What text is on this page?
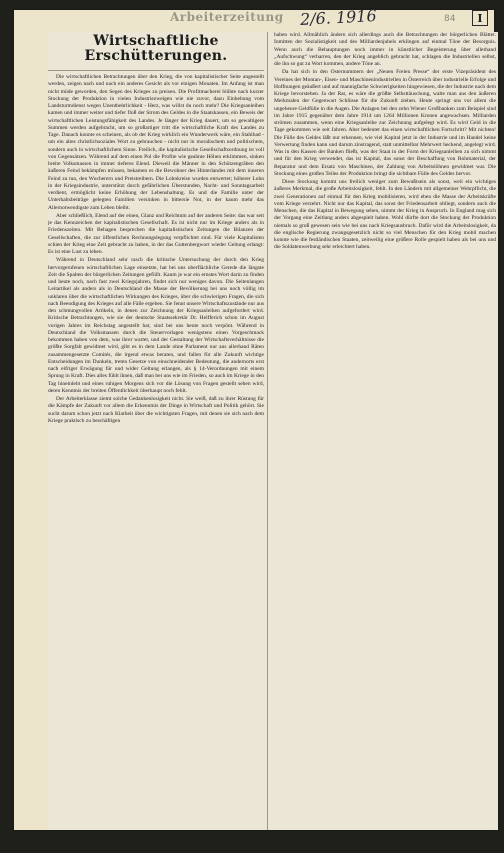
Arbeiterzeitung 2/6. 1916	84	I
Wirtschaftliche Erschütterungen.

Die wirtschaftlichen Betrachtungen über den Krieg, die von kapitalistischer Seite angestellt werden, zeigen nach und nach ein anderes Gesicht als vor einigen Monaten. Im Anfang ist man nicht müde geworden, den Segen des Krieges zu preisen. Die Profitmacherei blühte nach kurzer Stockung der Produktion in vielen Industriezweigen wie nie zuvor, dazu Einhebung vom Landsturmdienst wegen Unentbehrlichkeit - Herz, was willst du noch mehr? Die Kriegsanleihen kamen und immer weiter und tiefer floß der Strom des Geldes in die Staatskassen, ein Beweis der wirtschaftlichen Leistungsfähigkeit des Landes. Je länger der Krieg dauert, um so gewaltigere Summen werden aufgebracht, um so großartiger tritt die wirtschaftliche Kraft des Landes zu Tage. Danach konnte es scheinen, als ob der Krieg wirklich ein Wunderwerk wäre, ein Stahlbad - um ein altes christlichsoziales Wort zu gebrauchen - nicht nur in moralischem und politischem, sondern auch in wirtschaftlichem Sinne. Freilich, die kapitalistische Gesellschaftsordnung ist voll von Gegensätzen. Während auf dem einen Pol die Profite wie geahnte Höhen erklimmen, sinken breite Volksmassen in immer tieferes Elend. Dieweil die Männer in den Schützengräben den äußeren Feind bekämpfen müssen, bekamen es die Bewohner des Hinterlandes mit dem inneren Feind zu tun, den Wucherern und Preistreibern. Die Lohnkreise wurden entwertet; höherer Lohn in der Kriegsindustrie, unterstützt durch gefährlichen Überstunden, Nacht- und Sonntagsarbeit verdient, ermöglicht keine Erhöhung der Lebenshaltung. Es und die Familie unter der Unterhaltsbeiträge gelegten Familien versinken in bittersie Not, in der kaum mehr das Allernotwendigste zum Leben bleibt.

Aber schließlich, Elend auf der einen, Glanz und Reichtum auf der anderen Seite: das war seit je das Kennzeichen der kapitalistischen Gesellschaft. Es ist nicht nur im Kriege anders als in Friedenszeiten. Mit Behagen besprechen die kapitalistischen Zeitungen die Bilanzen der Gesellschaften, die zur öffentlichen Rechnungslegung verpflichtet sind. Für viele Kapitalisten schien der Krieg eine Zeit gebracht zu haben, in der das Guttenbergwort wieder Geltung erlangt: Es ist eine Lust zu leben.

Während in Deutschland sehr rasch die kritische Untersuchung der durch den Krieg hervorgerufenen wirtschaftlichen Lage einsetzte, hat bei uns oberflächliche Gerede die längste Zeit die Spalten der bürgerlichen Zeitungen gefüllt. Kaum je war ein ernstes Wort darin zu finden und heute noch, nach fast zwei Kriegsjahren, findet sich nur weniges davon. Die Seitenlangen Leitartikel als anders als in Deutschland die Masse der Bevölkerung bei uns noch völlig im unklaren über die wirtschaftlichen Wirkungen des Krieges, über die schwierigen Fragen, die sich nach Beendigung des Krieges auf alle Fälle ergeben. Sie fennt unsere Wirtschaftszustände nur aus den schmungvollen Artikeln, in denen zur Zeichnung der Kriegsanleihen aufgefordert wird. Kritische Betrachtungen, wie sie der deutsche Staatssekretär Dr. Helfferich schon im August vorigen Jahres im Reichstag angestellt hat, sind bei uns heute noch verpönt. Während in Deutschland die Volksmassen durch die Steuervorlagen wenigstens einen Vorgeschmack bekommen haben von dem, was ihrer wartet, und der Gestaltung der Wirtschaftsverhältnisse die größte Sorgfalt gewidmet wird, gibt es in dem Lande ohne Parlament nur aus allerhand Räten zusammengesetzte Comités, die irgend etwas beraten, und fallen für alle Zukunft wichtige Entscheidungen im Dunkeln, treten Gesetze von einschneidender Bedeutung, die andernorts erst nach eifriger Erwägung für und wider Geltung erlangen, als § 14-Verordnungen mit einem Sprung in Kraft. Dies alles fühlt ihnen, daß man bei uns wie im Frieden, so auch im Kriege in den Tag hineinlebt und eines ruhigen Morgens sich vor die Lösung von Fragen gestellt sehen wird, deren Kenntnis der breiten Öffentlichkeit überhaupt noch fehlt.

Der Arbeiterklasse ziemt solche Gedankenlosigkeit nicht. Sie weiß, daß zu ihrer Rüstung für die Kämpfe der Zukunft vor allem die Erkenntnis der Dinge in Wirtschaft und Politik gehört. Sie sucht darum schon jetzt nach Klarheit über die wichtigsten Fragen, mit denen sie sich nach dem Kriege praktisch zu beschäftigen

haben wird. Allmählich ändern sich allerdings auch die Betrachtungen der bürgerlichen Blätter. Inmitten der Sozialistigkeit und des Milliardenjubels erklingen auf einmal Töne der Besorgnis. Wenn auch die Behauptungen noch immer in künstlicher Begeisterung über allerhand „Aufschwung“ verharren, den der Krieg angeblich gebracht hat, schlagen die Industriellen selbst, die ihn so gut zu Wort kommen, andere Töne an.

Da hat sich in den Osternummern der „Neuen Freien Presse“ der erste Vizepräsident des Vereines der Montan-, Eisen- und Maschinenindustriellen in Österreich über industrielle Erfolge und Hoffnungen geäußert und auf mannigfache Schwierigkeiten hingewiesen, die der Industrie nach dem Kriege bevorstehen. Ja der Rat, es wäre die größte Selbsttäuschung, walte man aus den äußeren Merkmalen der Gegenwart Schlüsse für die Zukunft ziehen. Heute springt uns vor allem die ungeheure Geldfülle in die Augen. Die Anlagen bei den zehn Wiener Großbanken zum Beispiel sind im Jahre 1915 gegenüber dem Jahre 1914 um 1264 Millionen Kronen angewachsen. Milliarden strömen zusammen, wenn eine Kriegsanleihe zur Zeichnung aufgelegt wird. Es wird Geld in die Tage gekommen wie seit Jahren. Aber bedeutet das einen wirtschaftlichen Fortschritt? Mit nichten! Die Fülle des Geldes läßt nur erkennen, wie viel Kapital jetzt in der Industrie und im Handel keine Verwertung finden kann und darum zinstragend, statt unmittelbar Mehrwert heckend, angelegt wird. Was in den Kassen der Banken fließt, was der Staat in der Form der Kriegsanleihen zu sich nimmt und für den Krieg verwendet, das ist Kapital, das sonst der Beschaffung von Rohmaterial, der Reparatur und dem Ersatz von Maschinen, der Zahlung von Arbeitslöhnen gewidmet war. Die Stockung eines großen Teiles der Produktion bringt die sichtbare Fülle des Geldes hervor.

Diese Stockung kommt uns freilich weniger zum Bewußtsein als sonst, weil ein wichtiges äußeres Merkmal, die große Arbeitslosigkeit, fehlt. In den Ländern mit allgemeiner Wehrpflicht, die zwei Generationen auf einmal für den Krieg mobilisieren, wird eben die Masse der Arbeitskräfte vom Kriege verzehrt. Nicht nur das Kapital, das sonst der Friedensarbeit obliegt, sondern auch die Menschen, die das Kapital in Bewegung sehen, nimmt der Krieg in Anspruch. In England mag sich der Vorgang eine Zeitlang anders abgespielt haben. Wohl dürfte dort die Stockung der Produktion niemals so groß gewesen sein wie bei uns nach Kriegsausbruch. Dafür wird die Arbeitslosigkeit, da die englische Regierung zwangsgesetzlich nicht so viel Menschen für den Krieg mobil machen konnte wie die festländischen Staaten, zeitweilig eine größere Rolle gespielt haben als bei uns und die Soldatenwerbung sehr erleichtert haben.
